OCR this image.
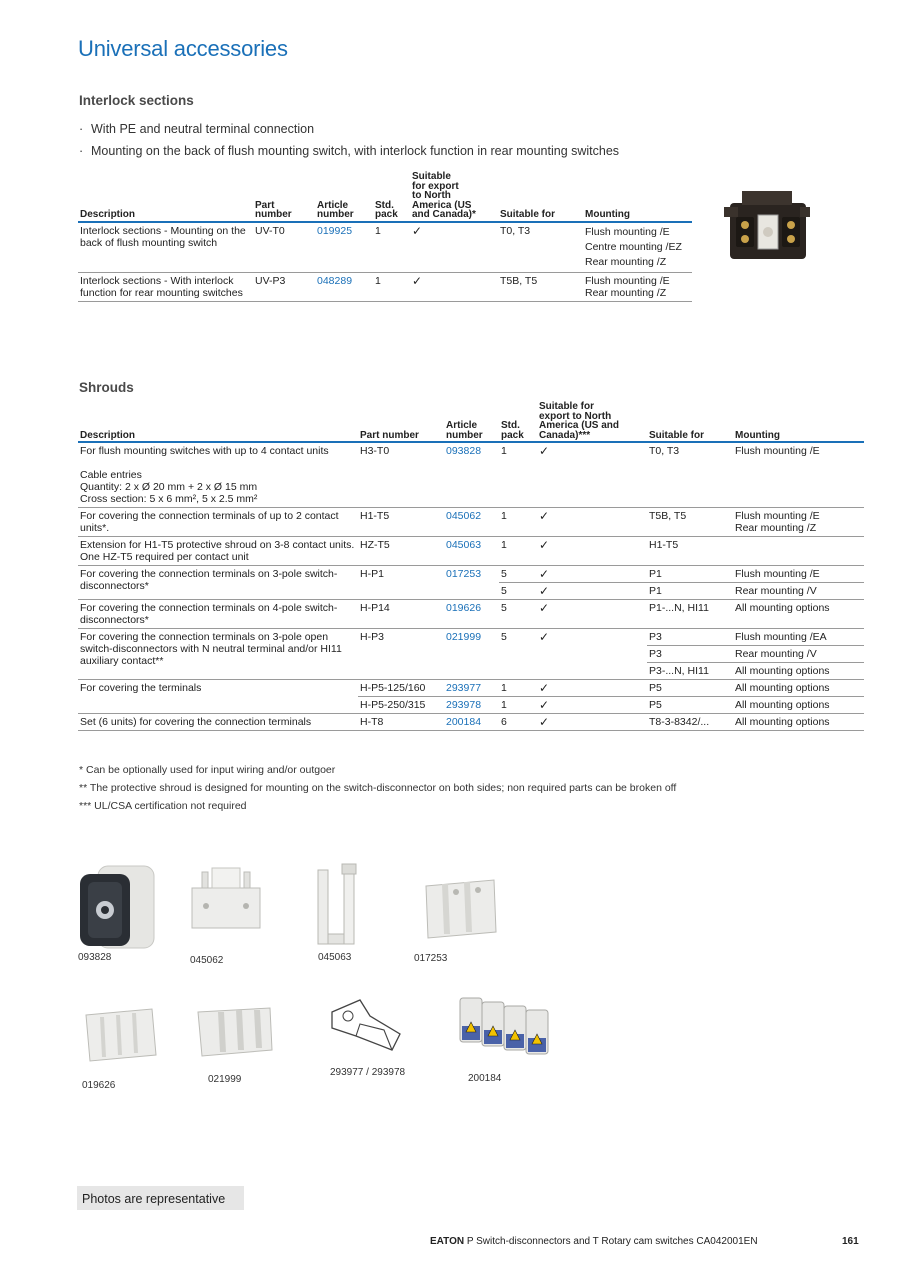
Universal accessories
Interlock sections
· With PE and neutral terminal connection
· Mounting on the back of flush mounting switch, with interlock function in rear mounting switches
Description	Part
number	Article
number	Std.
pack	Suitable
for export
to North
America (US
and Canada)*	Suitable for	Mounting
Interlock sections - Mounting on the back of flush mounting switch	UV-T0	019925	1	✓	T0, T3	Flush mounting /E
Centre mounting /EZ
Rear mounting /Z

Interlock sections - With interlock function for rear mounting switches	UV-P3	048289	1	✓	T5B, T5	Flush mounting /E
Rear mounting /Z
Shrouds
Description	Part number	Article
number	Std.
pack	Suitable for
export to North
America (US and
Canada)***	Suitable for	Mounting

For flush mounting switches with up to 4 contact units
Cable entries
Quantity: 2 x Ø 20 mm + 2 x Ø 15 mm
Cross section: 5 x 6 mm², 5 x 2.5 mm²	H3-T0	093828	1	✓	T0, T3	Flush mounting /E
For covering the connection terminals of up to 2 contact units*.	H1-T5	045062	1	✓	T5B, T5	Flush mounting /E
Rear mounting /Z

Extension for H1-T5 protective shroud on 3-8 contact units. One HZ-T5 required per contact unit	HZ-T5	045063	1	✓	H1-T5	
For covering the connection terminals on 3-pole switch-disconnectors*	H-P1	017253	5	✓	P1	Flush mounting /E
			5	✓	P1	Rear mounting /V
For covering the connection terminals on 4-pole switch-disconnectors*	H-P14	019626	5	✓	P1-...N, HI11	All mounting options
For covering the connection terminals on 3-pole open switch-disconnectors with N neutral terminal and/or HI11 auxiliary contact**	H-P3	021999	5	✓	P3	Flush mounting /EA
					P3	Rear mounting /V
					P3-...N, HI11	All mounting options
For covering the terminals	H-P5-125/160	293977	1	✓	P5	All mounting options
	H-P5-250/315	293978	1	✓	P5	All mounting options
Set (6 units) for covering the connection terminals	H-T8	200184	6	✓	T8-3-8342/...	All mounting options
* Can be optionally used for input wiring and/or outgoer
** The protective shroud is designed for mounting on the switch-disconnector on both sides; non required parts can be broken off
*** UL/CSA certification not required
093828	045062	045063	017253
019626
021999
293977 / 293978
200184
Photos are representative
EATON P Switch-disconnectors and T Rotary cam switches CA042001EN	161
